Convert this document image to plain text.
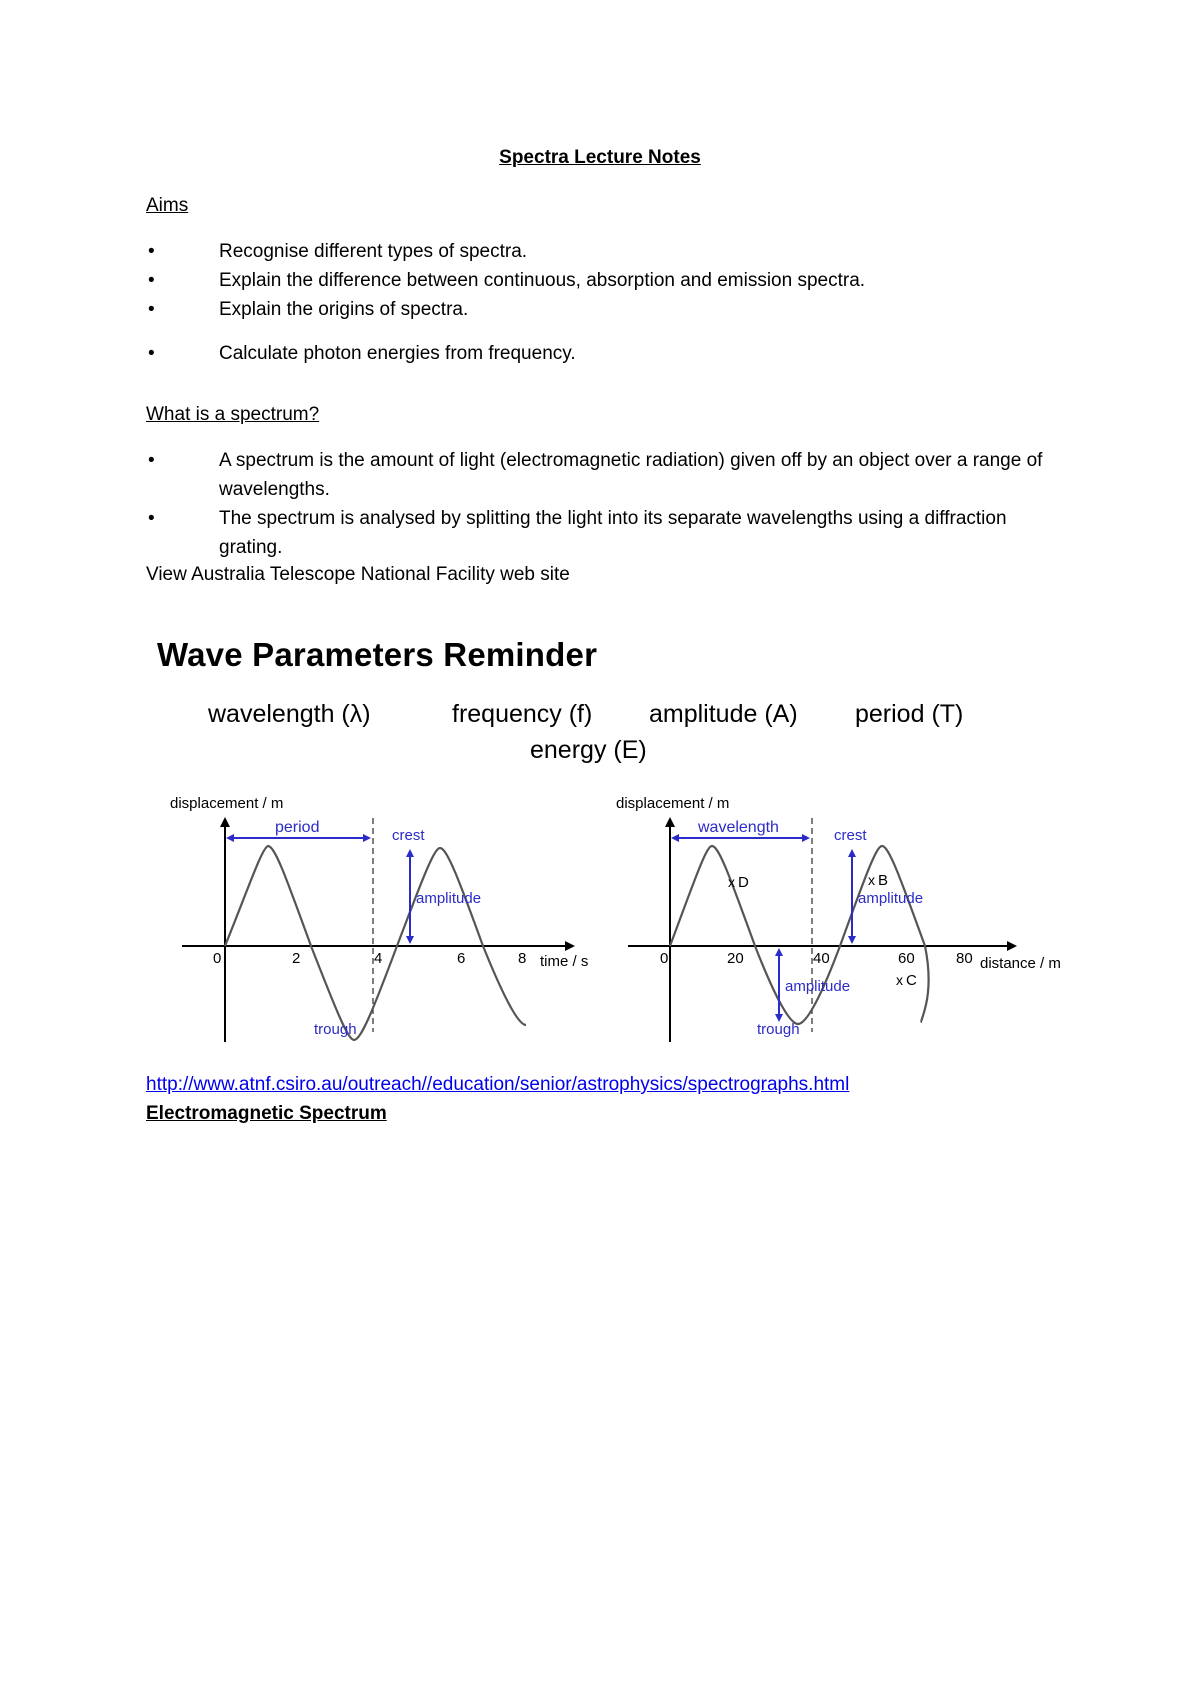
Spectra Lecture Notes
Aims
•	Recognise different types of spectra.
•	Explain the difference between continuous, absorption and emission spectra.
•	Explain the origins of spectra.
•	Calculate photon energies from frequency.
What is a spectrum?
•	A spectrum is the amount of light (electromagnetic radiation) given off by an object over a range of wavelengths.
•	The spectrum is analysed by splitting the light into its separate wavelengths using a diffraction grating.
View Australia Telescope National Facility web site
Wave Parameters Reminder
wavelength (λ)	frequency (f) amplitude (A) period (T)
energy (E)
period	crest
amplitude
trough
displacement / m
time / s
0	2	4	6	8
wavelength	crest
amplitude
amplitude
trough
x D	x B
x C
displacement / m
distance / m
0	20	40	60	80
http://www.atnf.csiro.au/outreach//education/senior/astrophysics/spectrographs.html
Electromagnetic Spectrum
